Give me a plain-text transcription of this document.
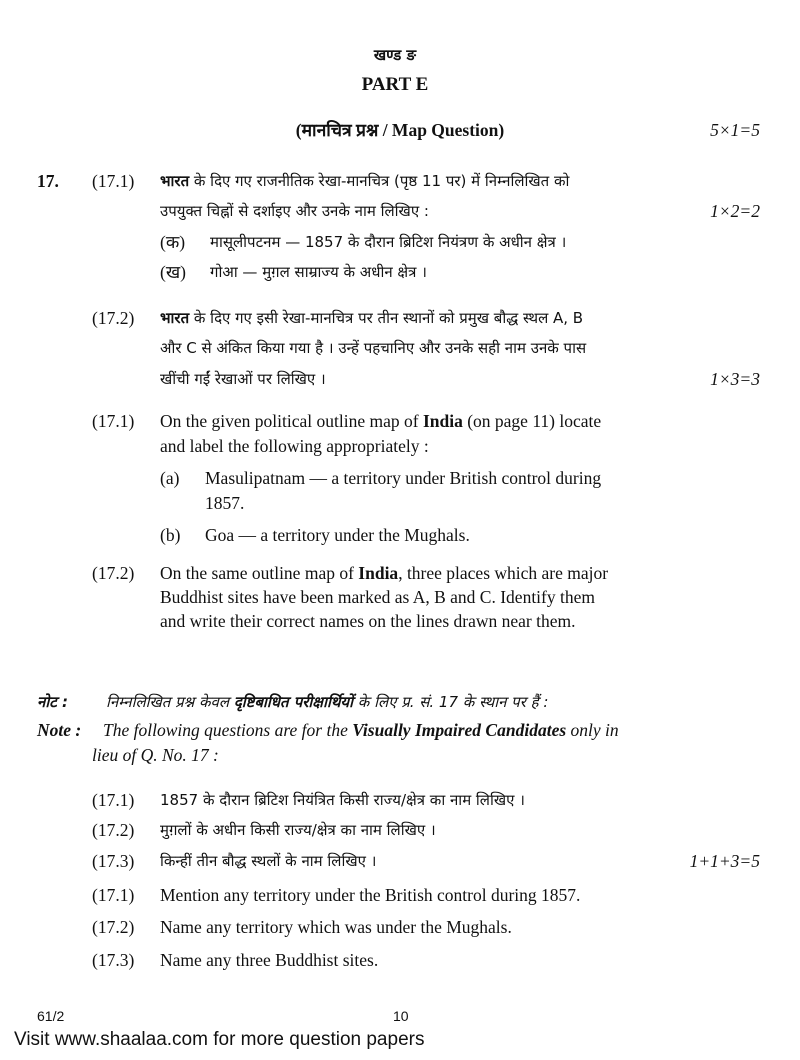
खण्ड ङ
PART E
(मानचित्र प्रश्न / Map Question)	5×1=5
17. (17.1) भारत के दिए गए राजनीतिक रेखा-मानचित्र (पृष्ठ 11 पर) में निम्नलिखित को
उपयुक्त चिह्नों से दर्शाइए और उनके नाम लिखिए :	1×2=2
(क) मासूलीपटनम — 1857 के दौरान ब्रिटिश नियंत्रण के अधीन क्षेत्र ।
(ख) गोआ — मुग़ल साम्राज्य के अधीन क्षेत्र ।
(17.2) भारत के दिए गए इसी रेखा-मानचित्र पर तीन स्थानों को प्रमुख बौद्ध स्थल A, B
और C से अंकित किया गया है । उन्हें पहचानिए और उनके सही नाम उनके पास
खींची गईं रेखाओं पर लिखिए ।	1×3=3
(17.1) On the given political outline map of India (on page 11) locate
and label the following appropriately :
(a) Masulipatnam — a territory under British control during
1857.
(b) Goa — a territory under the Mughals.
(17.2) On the same outline map of India, three places which are major
Buddhist sites have been marked as A, B and C. Identify them
and write their correct names on the lines drawn near them.
नोट :	निम्नलिखित प्रश्न केवल दृष्टिबाधित परीक्षार्थियों के लिए प्र. सं. 17 के स्थान पर हैं :
Note : The following questions are for the Visually Impaired Candidates only in
lieu of Q. No. 17 :
(17.1) 1857 के दौरान ब्रिटिश नियंत्रित किसी राज्य/क्षेत्र का नाम लिखिए ।
(17.2) मुग़लों के अधीन किसी राज्य/क्षेत्र का नाम लिखिए ।
(17.3) किन्हीं तीन बौद्ध स्थलों के नाम लिखिए ।	1+1+3=5
(17.1) Mention any territory under the British control during 1857.
(17.2) Name any territory which was under the Mughals.
(17.3) Name any three Buddhist sites.
61/2	10
Visit www.shaalaa.com for more question papers
